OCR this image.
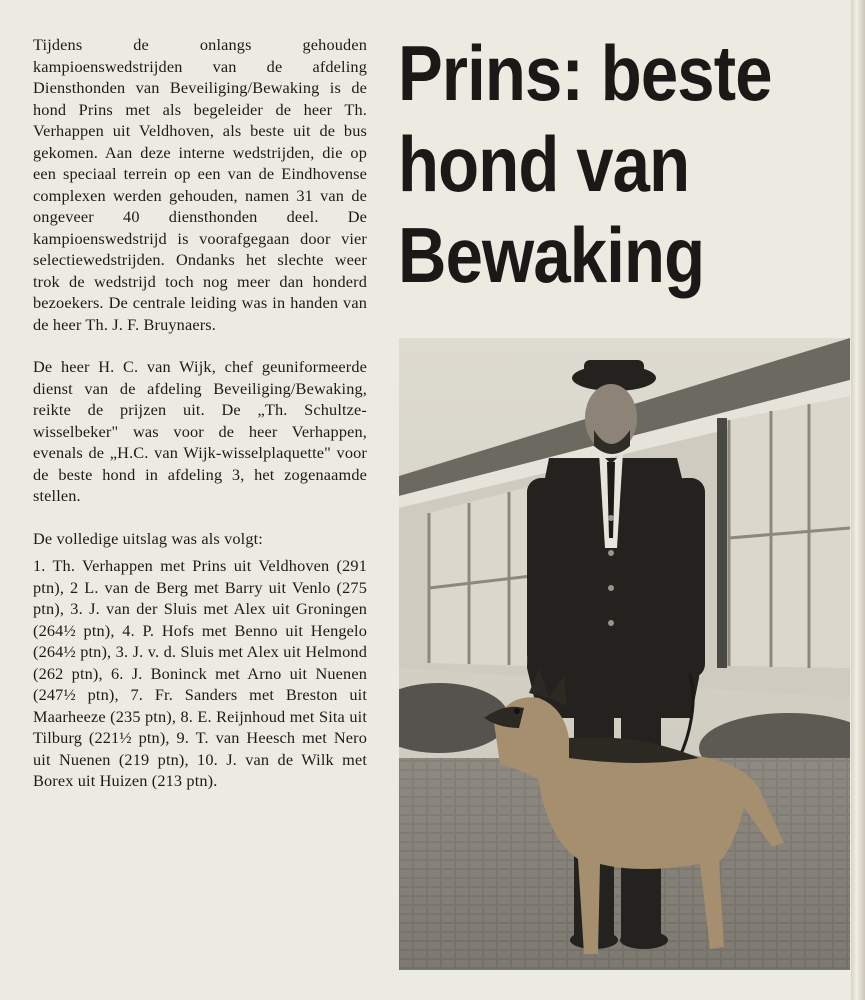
Tijdens de onlangs gehouden kampioenswedstrijden van de afdeling Diensthonden van Beveiliging/Bewaking is de hond Prins met als begeleider de heer Th. Verhappen uit Veldhoven, als beste uit de bus gekomen. Aan deze interne wedstrijden, die op een speciaal terrein op een van de Eindhovense complexen werden gehouden, namen 31 van de ongeveer 40 diensthonden deel. De kampioenswedstrijd is voorafgegaan door vier selectiewedstrijden. Ondanks het slechte weer trok de wedstrijd toch nog meer dan honderd bezoekers. De centrale leiding was in handen van de heer Th. J. F. Bruynaers.

De heer H. C. van Wijk, chef geuniformeerde dienst van de afdeling Beveiliging/Bewaking, reikte de prijzen uit. De „Th. Schultze-wisselbeker" was voor de heer Verhappen, evenals de „H.C. van Wijk-wisselplaquette" voor de beste hond in afdeling 3, het zogenaamde stellen.

De volledige uitslag was als volgt:

1. Th. Verhappen met Prins uit Veldhoven (291 ptn), 2 L. van de Berg met Barry uit Venlo (275 ptn), 3. J. van der Sluis met Alex uit Groningen (264½ ptn), 4. P. Hofs met Benno uit Hengelo (264½ ptn), 3. J. v. d. Sluis met Alex uit Helmond (262 ptn), 6. J. Boninck met Arno uit Nuenen (247½ ptn), 7. Fr. Sanders met Breston uit Maarheeze (235 ptn), 8. E. Reijnhoud met Sita uit Tilburg (221½ ptn), 9. T. van Heesch met Nero uit Nuenen (219 ptn), 10. J. van de Wilk met Borex uit Huizen (213 ptn).

Prins: beste
hond van
Bewaking
